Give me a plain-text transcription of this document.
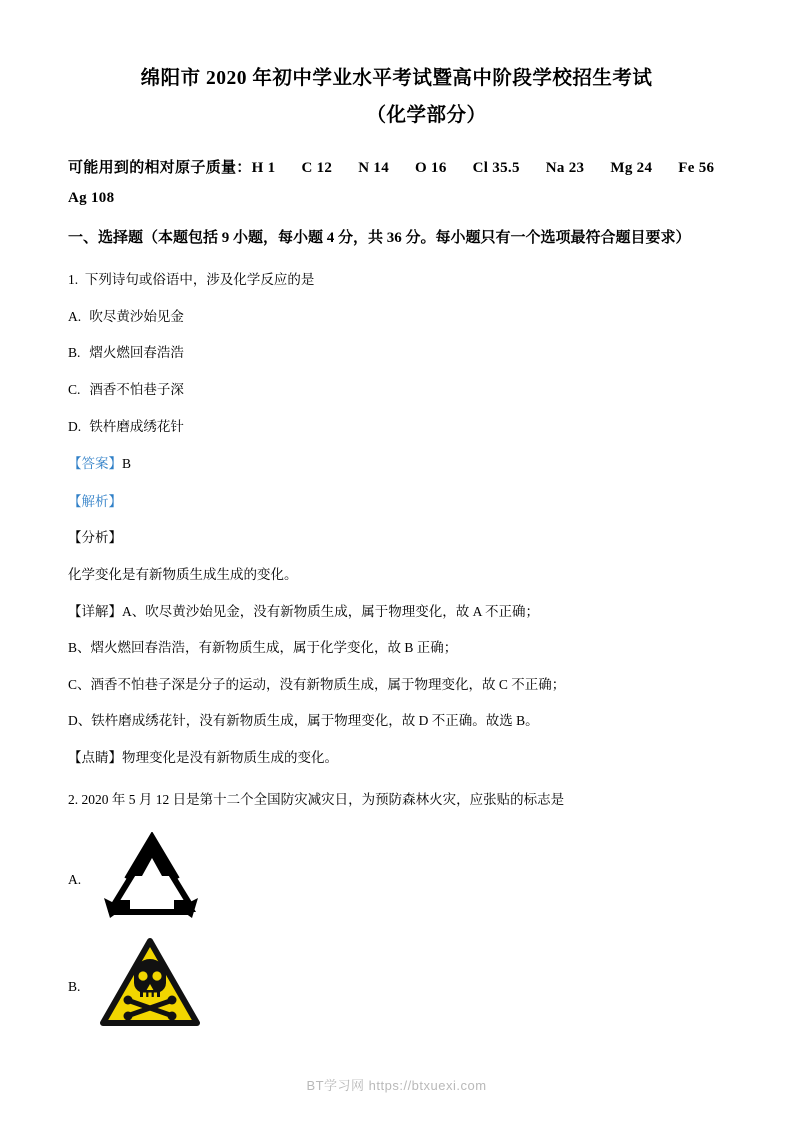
绵阳市 2020 年初中学业水平考试暨高中阶段学校招生考试
（化学部分）
可能用到的相对原子质量：H 1 C 12 N 14 O 16 Cl 35.5 Na 23 Mg 24 Fe 56
Ag 108
一、选择题（本题包括 9 小题，每小题 4 分，共 36 分。每小题只有一个选项最符合题目要求）
1. 下列诗句或俗语中，涉及化学反应的是
A. 吹尽黄沙始见金
B. 熠火燃回春浩浩
C. 酒香不怕巷子深
D. 铁杵磨成绣花针
【答案】B
【解析】
【分析】
化学变化是有新物质生成生成的变化。
【详解】A、吹尽黄沙始见金，没有新物质生成，属于物理变化，故 A 不正确；
B、熠火燃回春浩浩，有新物质生成，属于化学变化，故 B 正确；
C、酒香不怕巷子深是分子的运动，没有新物质生成，属于物理变化，故 C 不正确；
D、铁杵磨成绣花针，没有新物质生成，属于物理变化，故 D 不正确。故选 B。
【点睛】物理变化是没有新物质生成的变化。
2. 2020 年 5 月 12 日是第十二个全国防灾减灾日，为预防森林火灾，应张贴的标志是
A.
B.
BT学习网 https://btxuexi.com
